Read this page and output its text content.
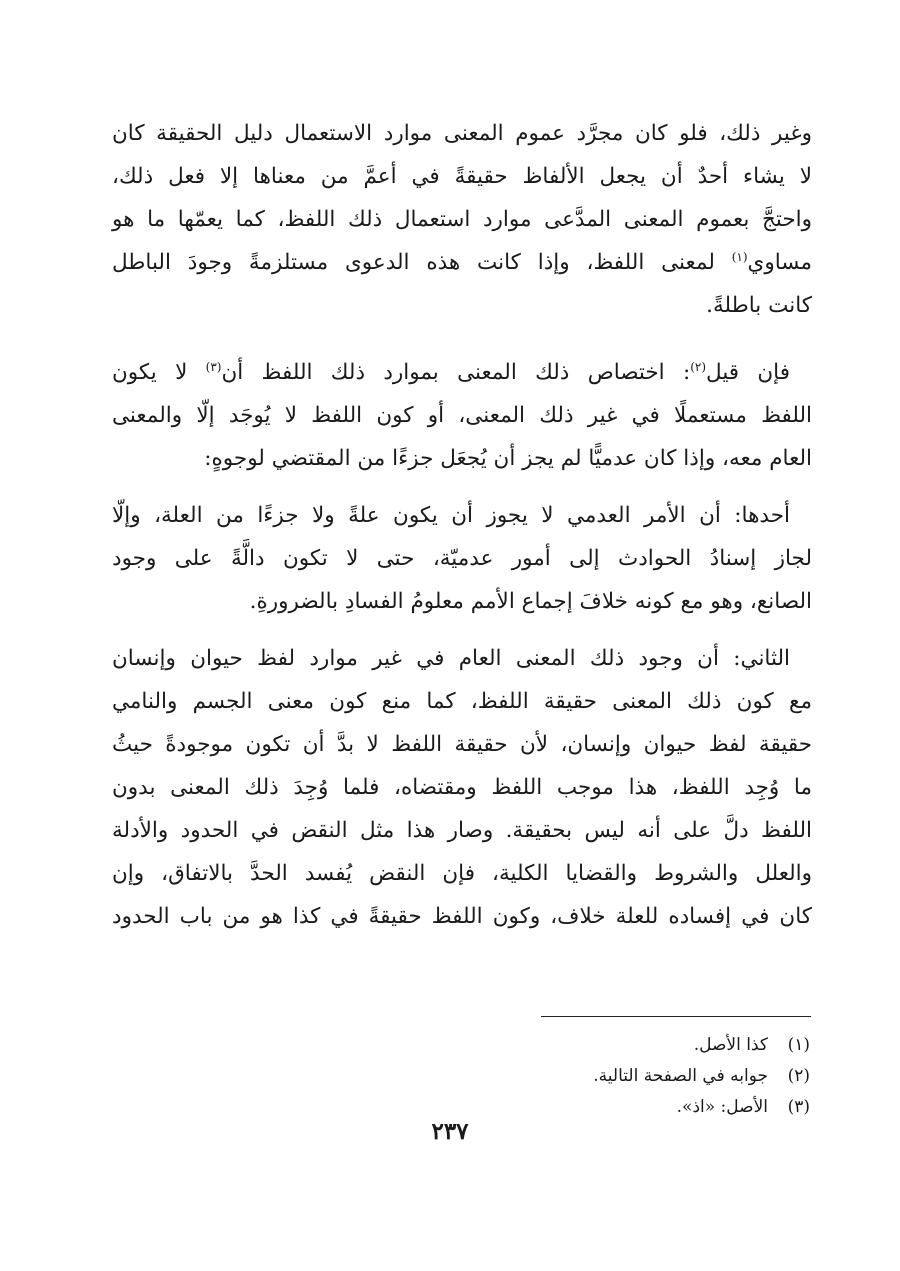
وغير ذلك، فلو كان مجرَّد عموم المعنى موارد الاستعمال دليل الحقيقة كان
لا يشاء أحدٌ أن يجعل الألفاظ حقيقةً في أعمَّ من معناها إلا فعل ذلك،
واحتجَّ بعموم المعنى المدَّعى موارد استعمال ذلك اللفظ، كما يعمّها ما هو
مساوي$^{(١)}$ لمعنى اللفظ، وإذا كانت هذه الدعوى مستلزمةً وجودَ الباطل
كانت باطلةً.

فإن قيل$^{(٢)}$: اختصاص ذلك المعنى بموارد ذلك اللفظ أن$^{(٣)}$ لا يكون
اللفظ مستعملًا في غير ذلك المعنى، أو كون اللفظ لا يُوجَد إلّا والمعنى
العام معه، وإذا كان عدميًّا لم يجز أن يُجعَل جزءًا من المقتضي لوجوهٍ:

أحدها: أن الأمر العدمي لا يجوز أن يكون علةً ولا جزءًا من العلة، وإلّا
لجاز إسنادُ الحوادث إلى أمور عدميّة، حتى لا تكون دالَّةً على وجود
الصانع، وهو مع كونه خلافَ إجماع الأمم معلومُ الفسادِ بالضرورةِ.

الثاني: أن وجود ذلك المعنى العام في غير موارد لفظ حيوان وإنسان
مع كون ذلك المعنى حقيقة اللفظ، كما منع كون معنى الجسم والنامي
حقيقة لفظ حيوان وإنسان، لأن حقيقة اللفظ لا بدَّ أن تكون موجودةً حيثُ
ما وُجِد اللفظ، هذا موجب اللفظ ومقتضاه، فلما وُجِدَ ذلك المعنى بدون
اللفظ دلَّ على أنه ليس بحقيقة. وصار هذا مثل النقض في الحدود والأدلة
والعلل والشروط والقضايا الكلية، فإن النقض يُفسد الحدَّ بالاتفاق، وإن
كان في إفساده للعلة خلاف، وكون اللفظ حقيقةً في كذا هو من باب الحدود

(١)كذا الأصل.
(٢)جوابه في الصفحة التالية.
(٣)الأصل: «اذ».
٢٣٧
